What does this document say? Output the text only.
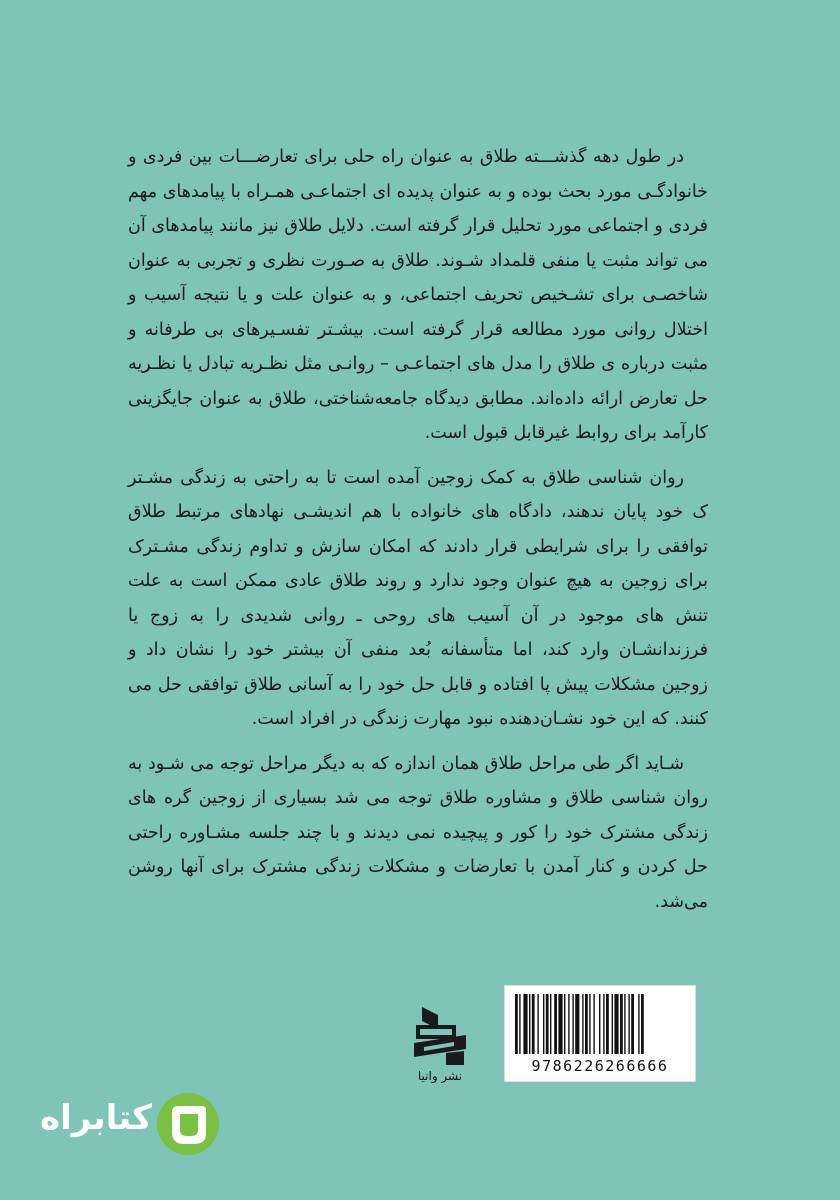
در طول دهه گذشـــته طلاق به عنوان راه حلی برای تعارضـــات بین فردی و خانوادگـی مورد بحث بوده و به عنوان پدیده ای اجتماعـی همـراه با پیامدهای مهم فردی و اجتماعی مورد تحلیل قرار گرفته است. دلایل طلاق نیز مانند پیامدهای آن می تواند مثبت یا منفی قلمداد شـوند. طلاق به صـورت نظری و تجربی به عنوان شاخصـی برای تشـخیص تحریف اجتماعی، و به عنوان علت و یا نتیجه آسیب و اختلال روانی مورد مطالعه قرار گرفته است. بیشـتر تفسـیرهای بی طرفانه و مثبت درباره ی طلاق را مدل های اجتماعـی – روانـی مثل نظـریه تبادل یا نظـریه حل تعارض ارائه داده‌اند. مطابق دیدگاه جامعه‌شناختی، طلاق به عنوان جایگزینی کارآمد برای روابط غیرقابل قبول است.

روان شناسی طلاق به کمک زوجین آمده است تا به راحتی به زندگی مشـتر ک خود پایان ندهند، دادگاه های خانواده با هم اندیشـی نهادهای مرتبط طلاق توافقی را برای شرایطی قرار دادند که امکان سازش و تداوم زندگی مشـترک برای زوجین به هیچ عنوان وجود ندارد و روند طلاق عادی ممکن است به علت تنش های موجود در آن آسیب های روحی ـ روانی شدیدی را به زوج یا فرزندانشـان وارد کند، اما متأسفانه بُعد منفی آن بیشتر خود را نشان داد و زوجین مشکلات پیش پا افتاده و قابل حل خود را به آسانی طلاق توافقی حل می کنند. که این خود نشـان‌دهنده نبود مهارت زندگی در افراد است.

شـاید اگر طی مراحل طلاق همان اندازه که به دیگر مراحل توجه می شـود به روان شناسی طلاق و مشاوره طلاق توجه می شد بسیاری از زوجین گره های زندگی مشترک خود را کور و پیچیده نمی دیدند و با چند جلسه مشـاوره راحتی حل کردن و کنار آمدن با تعارضات و مشکلات زندگی مشترک برای آنها روشن می‌شد.

نشر وانیا
9786226266666
کتابراه
